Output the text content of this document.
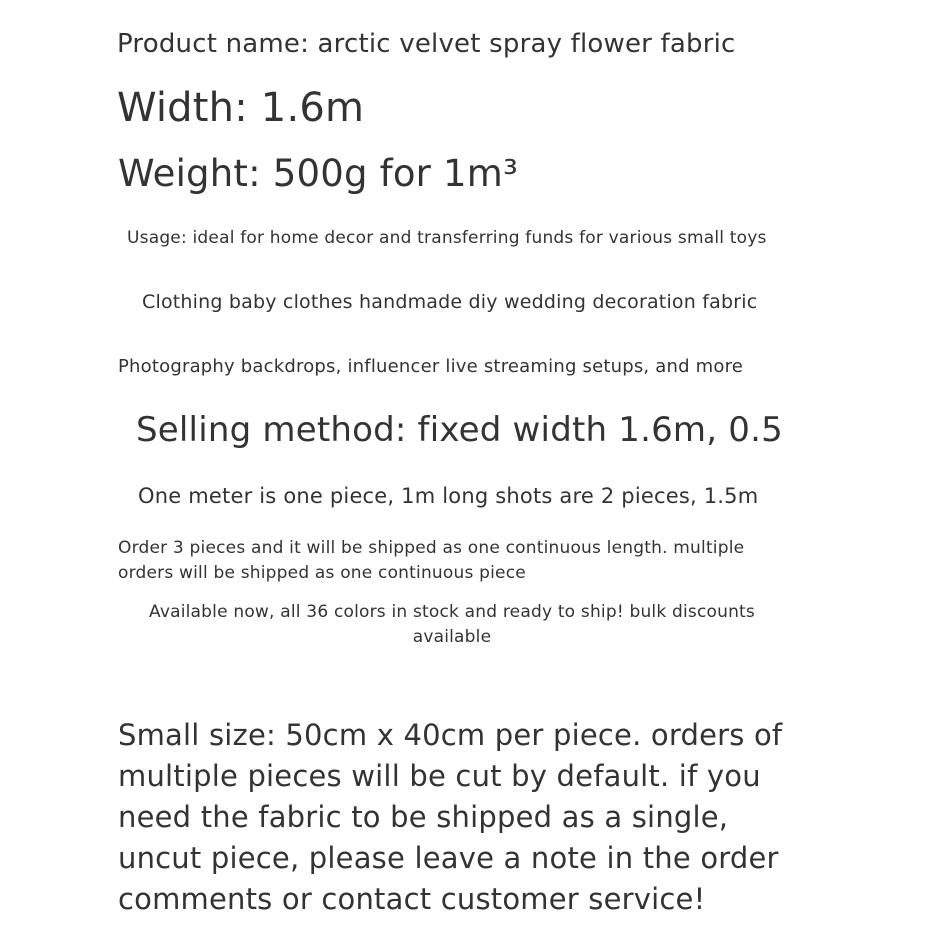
Product name: arctic velvet spray flower fabric
Width: 1.6m
Weight: 500g for 1m³
Usage: ideal for home decor and transferring funds for various small toys
Clothing baby clothes handmade diy wedding decoration fabric
Photography backdrops, influencer live streaming setups, and more
Selling method: fixed width 1.6m, 0.5
One meter is one piece, 1m long shots are 2 pieces, 1.5m
Order 3 pieces and it will be shipped as one continuous length. multiple orders will be shipped as one continuous piece
Available now, all 36 colors in stock and ready to ship! bulk discounts available
Small size: 50cm x 40cm per piece. orders of multiple pieces will be cut by default. if you need the fabric to be shipped as a single, uncut piece, please leave a note in the order comments or contact customer service!
